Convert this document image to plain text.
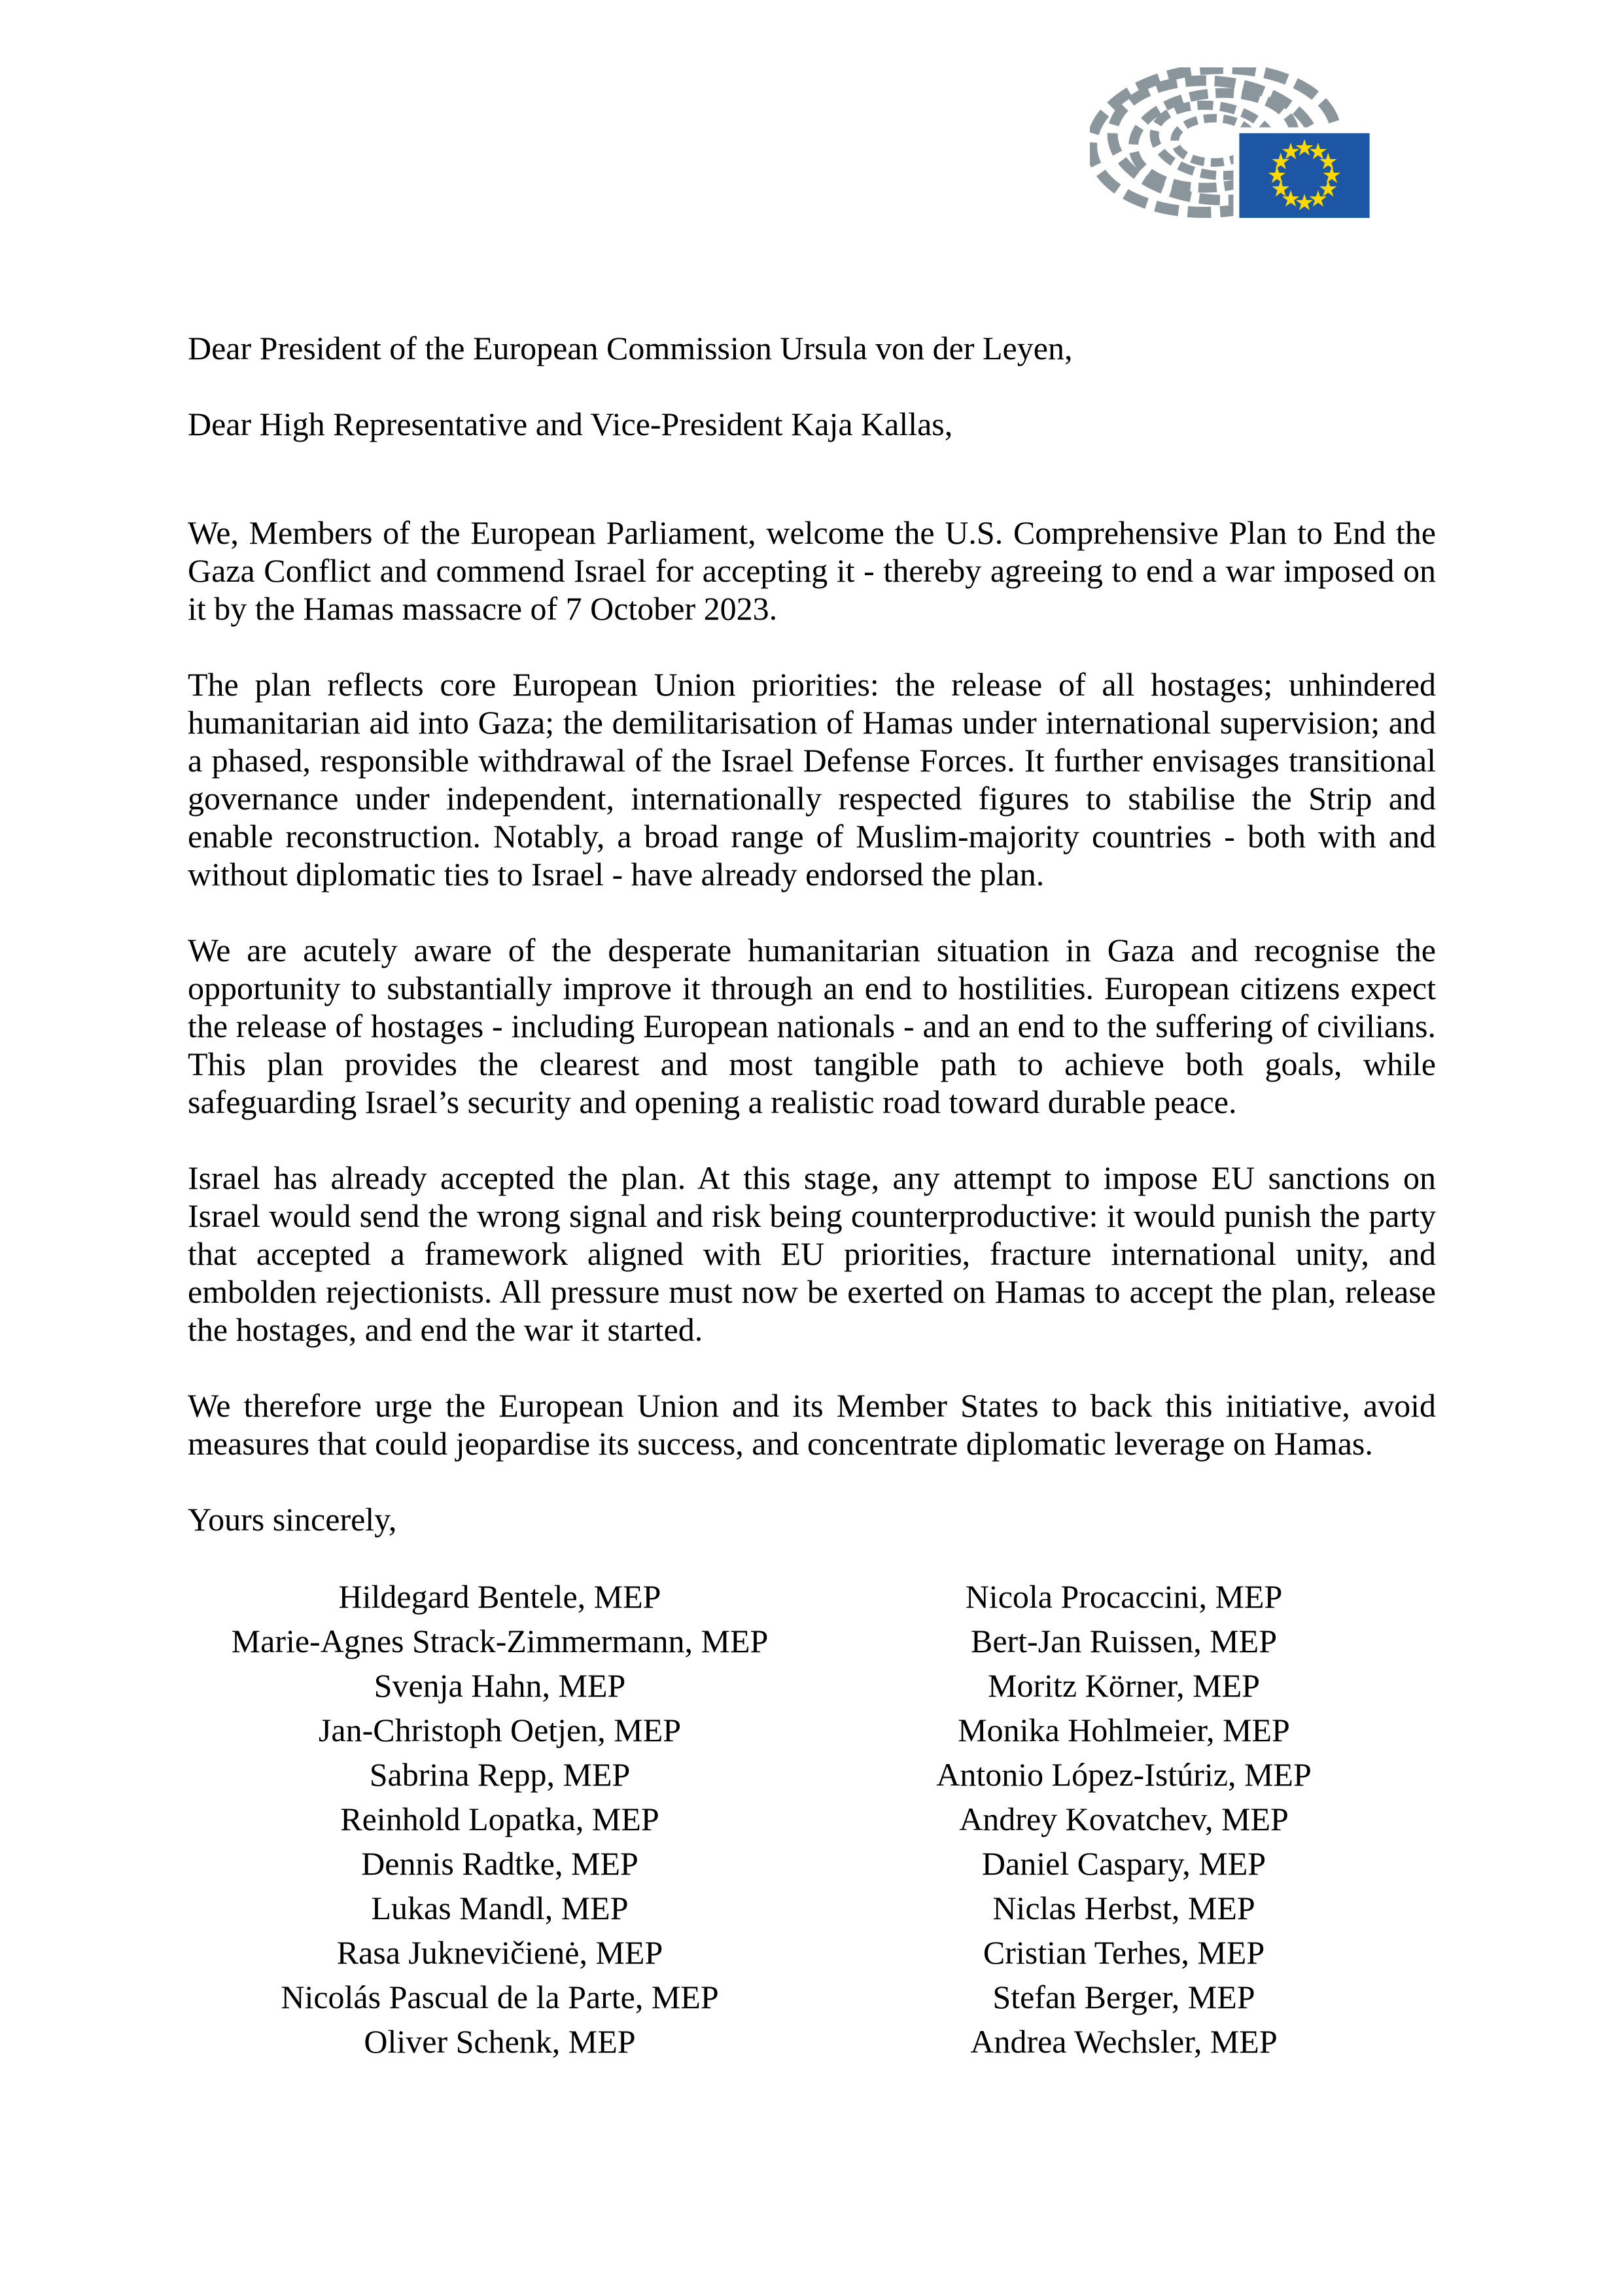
Dear President of the European Commission Ursula von der Leyen,
Dear High Representative and Vice-President Kaja Kallas,

We, Members of the European Parliament, welcome the U.S. Comprehensive Plan to End the Gaza Conflict and commend Israel for accepting it - thereby agreeing to end a war imposed on it by the Hamas massacre of 7 October 2023.

The plan reflects core European Union priorities: the release of all hostages; unhindered humanitarian aid into Gaza; the demilitarisation of Hamas under international supervision; and a phased, responsible withdrawal of the Israel Defense Forces. It further envisages transitional governance under independent, internationally respected figures to stabilise the Strip and enable reconstruction. Notably, a broad range of Muslim-majority countries - both with and without diplomatic ties to Israel - have already endorsed the plan.

We are acutely aware of the desperate humanitarian situation in Gaza and recognise the opportunity to substantially improve it through an end to hostilities. European citizens expect the release of hostages - including European nationals - and an end to the suffering of civilians. This plan provides the clearest and most tangible path to achieve both goals, while safeguarding Israel’s security and opening a realistic road toward durable peace.

Israel has already accepted the plan. At this stage, any attempt to impose EU sanctions on Israel would send the wrong signal and risk being counterproductive: it would punish the party that accepted a framework aligned with EU priorities, fracture international unity, and embolden rejectionists. All pressure must now be exerted on Hamas to accept the plan, release the hostages, and end the war it started.

We therefore urge the European Union and its Member States to back this initiative, avoid measures that could jeopardise its success, and concentrate diplomatic leverage on Hamas.

Yours sincerely,
Hildegard Bentele, MEP
Marie-Agnes Strack-Zimmermann, MEP
Svenja Hahn, MEP
Jan-Christoph Oetjen, MEP
Sabrina Repp, MEP
Reinhold Lopatka, MEP
Dennis Radtke, MEP
Lukas Mandl, MEP
Rasa Juknevičienė, MEP
Nicolás Pascual de la Parte, MEP
Oliver Schenk, MEP
Nicola Procaccini, MEP
Bert-Jan Ruissen, MEP
Moritz Körner, MEP
Monika Hohlmeier, MEP
Antonio López-Istúriz, MEP
Andrey Kovatchev, MEP
Daniel Caspary, MEP
Niclas Herbst, MEP
Cristian Terhes, MEP
Stefan Berger, MEP
Andrea Wechsler, MEP
